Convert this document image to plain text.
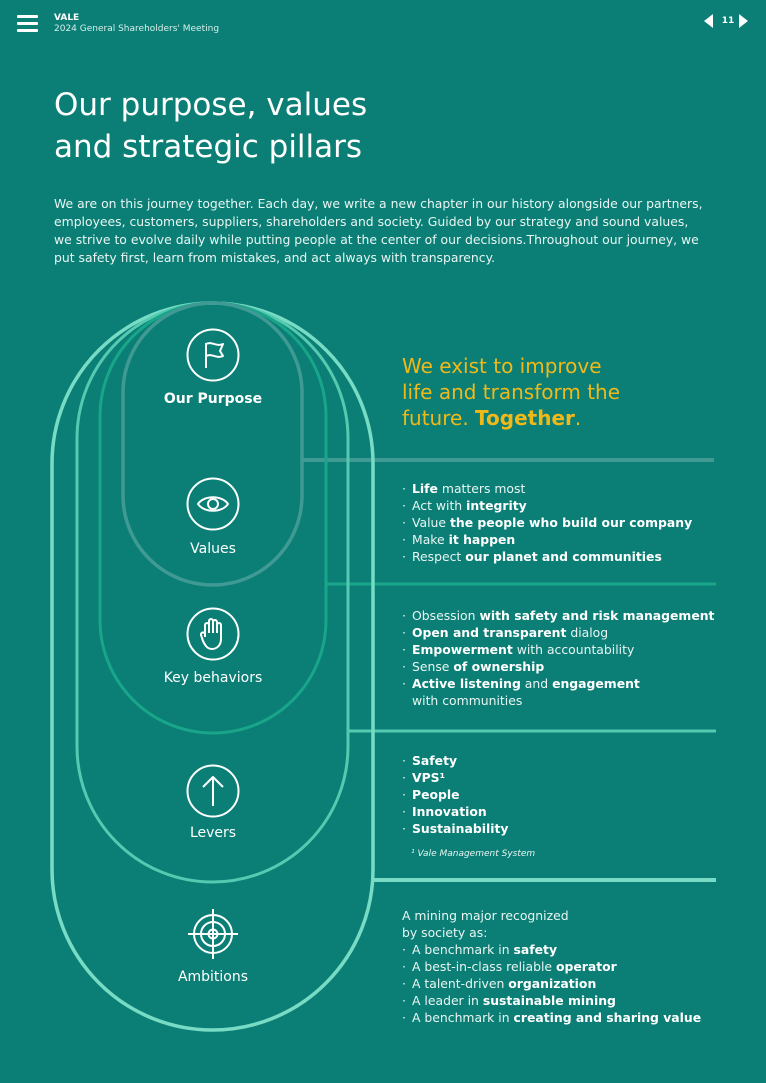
VALE
2024 General Shareholders' Meeting
11
Our purpose, values
and strategic pillars

We are on this journey together. Each day, we write a new chapter in our history alongside our partners, employees, customers, suppliers, shareholders and society. Guided by our strategy and sound values, we strive to evolve daily while putting people at the center of our decisions.Throughout our journey, we put safety first, learn from mistakes, and act always with transparency.

Our Purpose
Values
Key behaviors
Levers
Ambitions

We exist to improve
life and transform the
future. Together.

· Life matters most
· Act with integrity
· Value the people who build our company
· Make it happen
· Respect our planet and communities
· Obsession with safety and risk management
· Open and transparent dialog
· Empowerment with accountability
· Sense of ownership
· Active listening and engagement

with communities

· Safety
· VPS¹
· People
· Innovation
· Sustainability
¹ Vale Management System

A mining major recognized
by society as:

· A benchmark in safety
· A best-in-class reliable operator
· A talent-driven organization
· A leader in sustainable mining
· A benchmark in creating and sharing value
